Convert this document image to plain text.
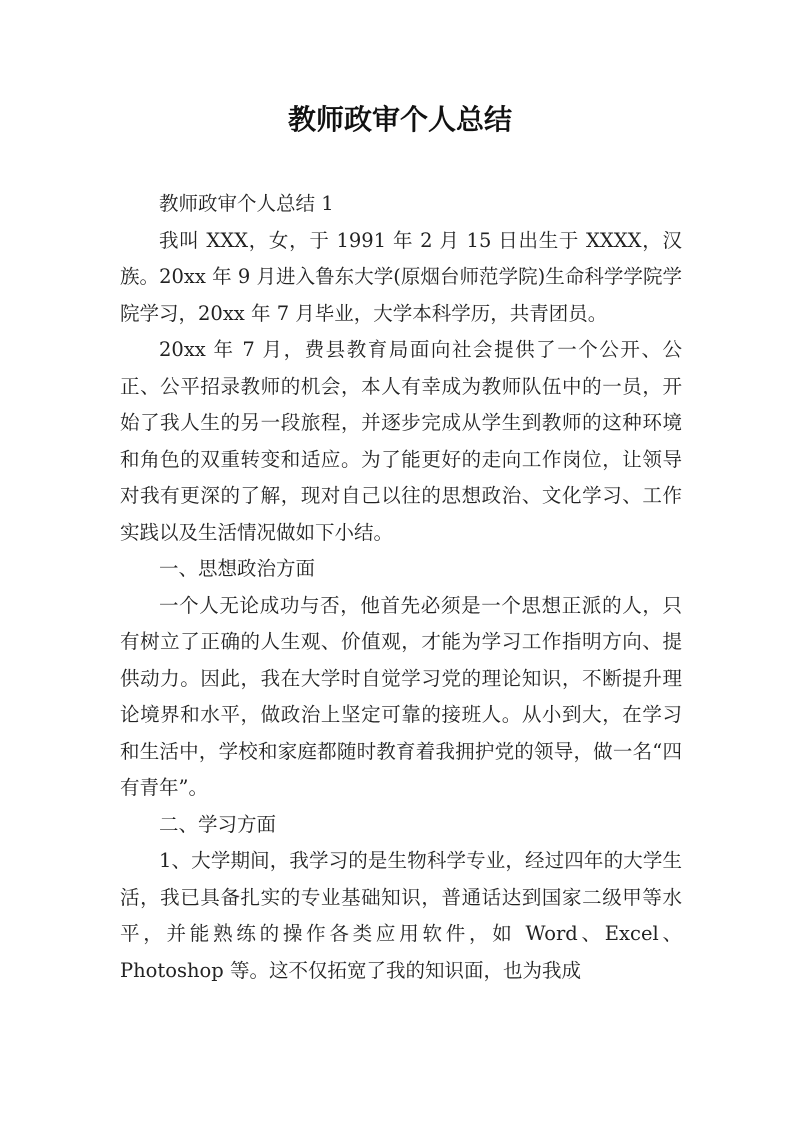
教师政审个人总结

教师政审个人总结 1

我叫 XXX，女，于 1991 年 2 月 15 日出生于 XXXX，汉族。20xx 年 9 月进入鲁东大学(原烟台师范学院)生命科学学院学院学习，20xx 年 7 月毕业，大学本科学历，共青团员。

20xx 年 7 月，费县教育局面向社会提供了一个公开、公正、公平招录教师的机会，本人有幸成为教师队伍中的一员，开始了我人生的另一段旅程，并逐步完成从学生到教师的这种环境和角色的双重转变和适应。为了能更好的走向工作岗位，让领导对我有更深的了解，现对自己以往的思想政治、文化学习、工作实践以及生活情况做如下小结。

一、思想政治方面

一个人无论成功与否，他首先必须是一个思想正派的人，只有树立了正确的人生观、价值观，才能为学习工作指明方向、提供动力。因此，我在大学时自觉学习党的理论知识，不断提升理论境界和水平，做政治上坚定可靠的接班人。从小到大，在学习和生活中，学校和家庭都随时教育着我拥护党的领导，做一名“四有青年”。

二、学习方面

1、大学期间，我学习的是生物科学专业，经过四年的大学生活，我已具备扎实的专业基础知识，普通话达到国家二级甲等水平，并能熟练的操作各类应用软件，如 Word、Excel、Photoshop 等。这不仅拓宽了我的知识面，也为我成
